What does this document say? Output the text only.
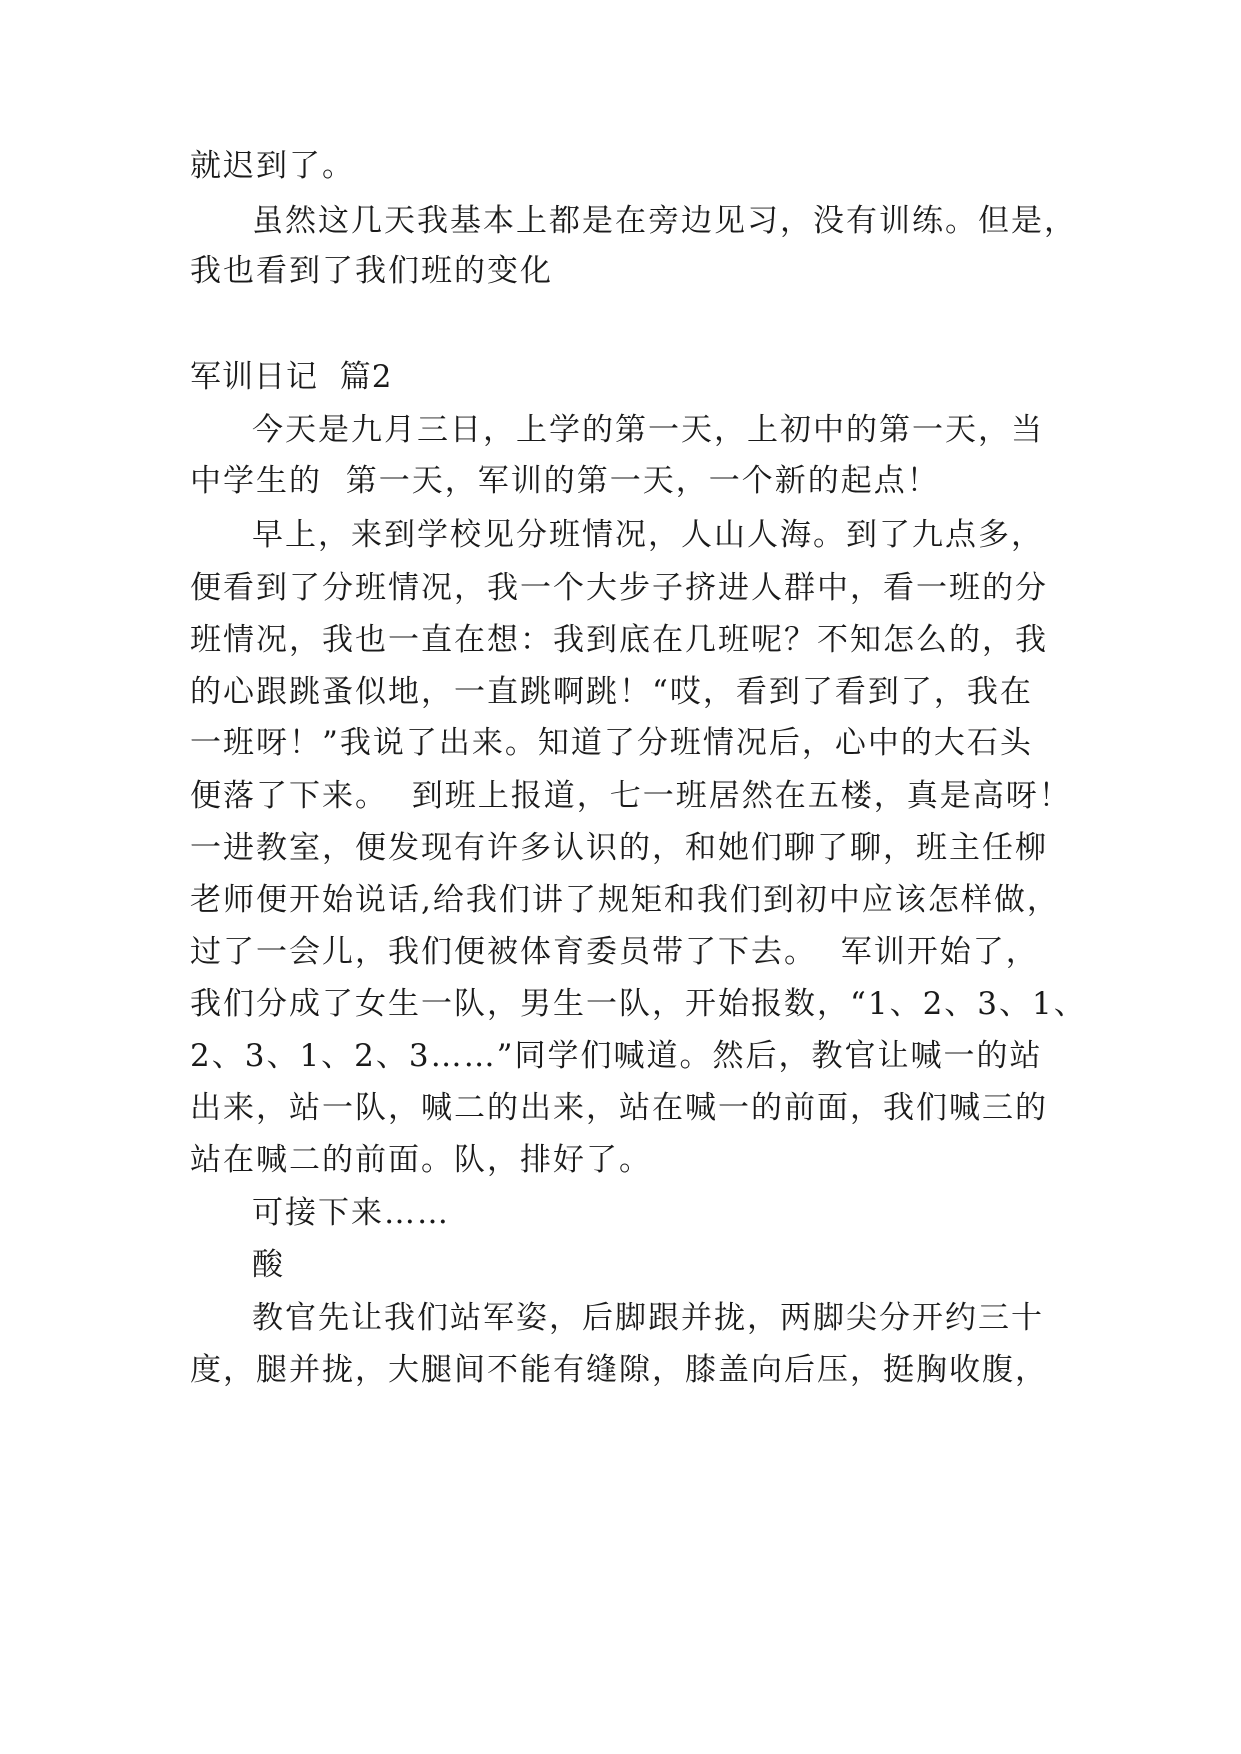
就迟到了。
虽然这几天我基本上都是在旁边见习，没有训练。但是，
我也看到了我们班的变化
军训日记  篇2
今天是九月三日，上学的第一天，上初中的第一天，当
中学生的  第一天，军训的第一天，一个新的起点！
早上，来到学校见分班情况，人山人海。到了九点多，
便看到了分班情况，我一个大步子挤进人群中，看一班的分
班情况，我也一直在想：我到底在几班呢？不知怎么的，我
的心跟跳蚤似地，一直跳啊跳！“哎，看到了看到了，我在
一班呀！”我说了出来。知道了分班情况后，心中的大石头
便落了下来。  到班上报道，七一班居然在五楼，真是高呀！
一进教室，便发现有许多认识的，和她们聊了聊，班主任柳
老师便开始说话,给我们讲了规矩和我们到初中应该怎样做，
过了一会儿，我们便被体育委员带了下去。  军训开始了，
我们分成了女生一队，男生一队，开始报数，“1、2、3、1、
2、3、1、2、3……”同学们喊道。然后，教官让喊一的站
出来，站一队，喊二的出来，站在喊一的前面，我们喊三的
站在喊二的前面。队，排好了。
可接下来……
酸
教官先让我们站军姿，后脚跟并拢，两脚尖分开约三十
度，腿并拢，大腿间不能有缝隙，膝盖向后压，挺胸收腹，
